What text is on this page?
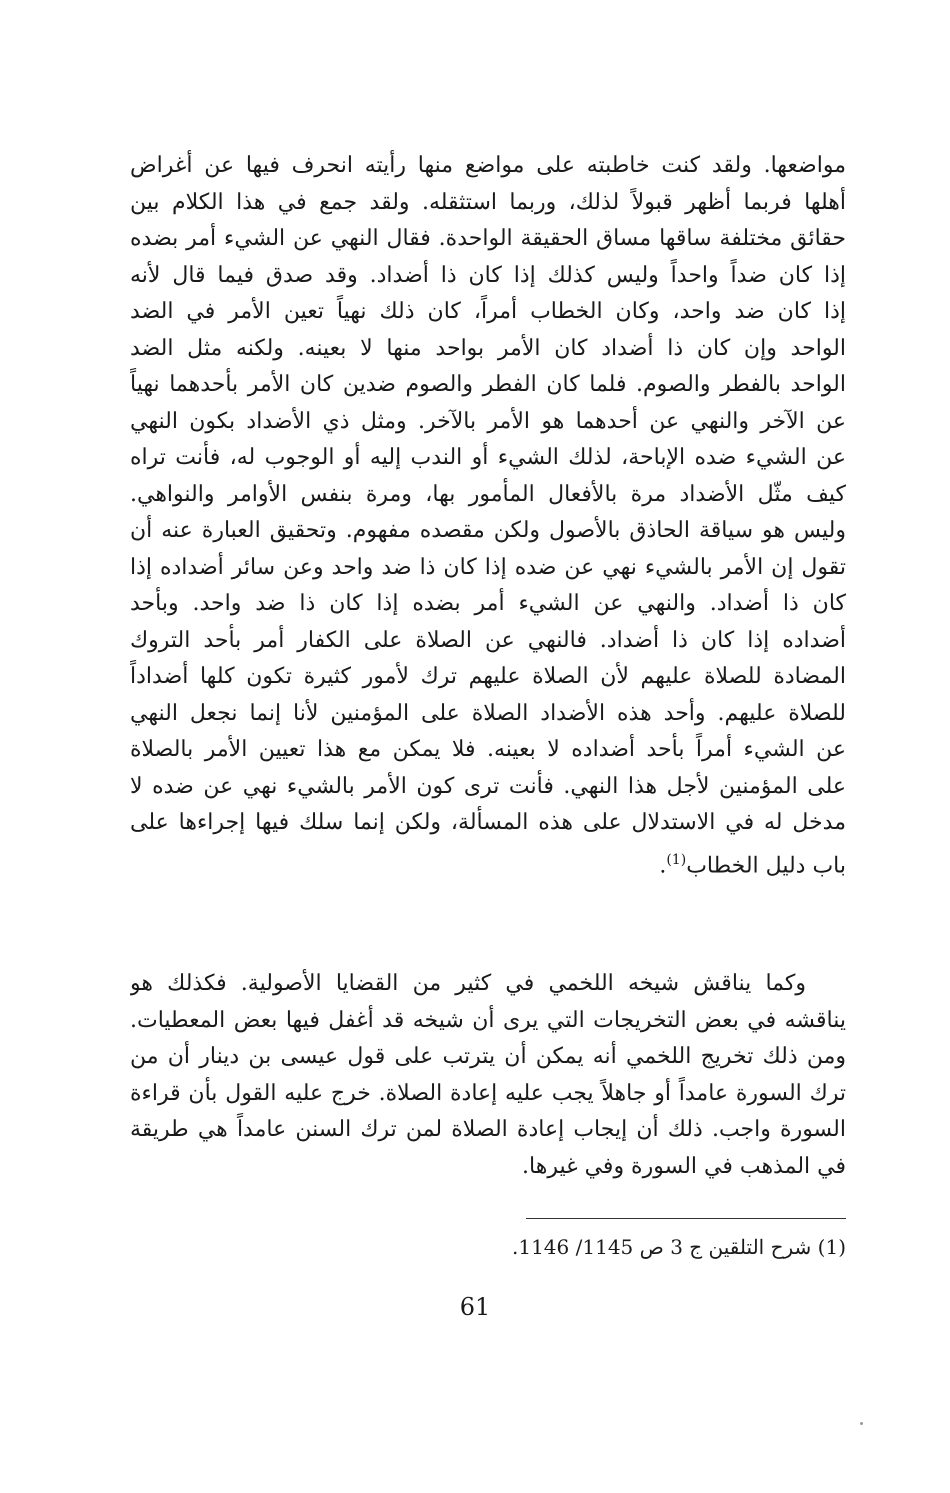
مواضعها. ولقد كنت خاطبته على مواضع منها رأيته انحرف فيها عن أغراض
أهلها فربما أظهر قبولاً لذلك، وربما استثقله. ولقد جمع في هذا الكلام بين
حقائق مختلفة ساقها مساق الحقيقة الواحدة. فقال النهي عن الشيء أمر بضده
إذا كان ضداً واحداً وليس كذلك إذا كان ذا أضداد. وقد صدق فيما قال لأنه
إذا كان ضد واحد، وكان الخطاب أمراً، كان ذلك نهياً تعين الأمر في الضد
الواحد وإن كان ذا أضداد كان الأمر بواحد منها لا بعينه. ولكنه مثل الضد
الواحد بالفطر والصوم. فلما كان الفطر والصوم ضدين كان الأمر بأحدهما نهياً
عن الآخر والنهي عن أحدهما هو الأمر بالآخر. ومثل ذي الأضداد بكون النهي
عن الشيء ضده الإباحة، لذلك الشيء أو الندب إليه أو الوجوب له، فأنت تراه
كيف مثّل الأضداد مرة بالأفعال المأمور بها، ومرة بنفس الأوامر والنواهي.
وليس هو سياقة الحاذق بالأصول ولكن مقصده مفهوم. وتحقيق العبارة عنه أن
تقول إن الأمر بالشيء نهي عن ضده إذا كان ذا ضد واحد وعن سائر أضداده إذا
كان ذا أضداد. والنهي عن الشيء أمر بضده إذا كان ذا ضد واحد. وبأحد
أضداده إذا كان ذا أضداد. فالنهي عن الصلاة على الكفار أمر بأحد التروك
المضادة للصلاة عليهم لأن الصلاة عليهم ترك لأمور كثيرة تكون كلها أضداداً
للصلاة عليهم. وأحد هذه الأضداد الصلاة على المؤمنين لأنا إنما نجعل النهي
عن الشيء أمراً بأحد أضداده لا بعينه. فلا يمكن مع هذا تعيين الأمر بالصلاة
على المؤمنين لأجل هذا النهي. فأنت ترى كون الأمر بالشيء نهي عن ضده لا
مدخل له في الاستدلال على هذه المسألة، ولكن إنما سلك فيها إجراءها على
باب دليل الخطاب$^{(1)}$.
وكما يناقش شيخه اللخمي في كثير من القضايا الأصولية. فكذلك هو
يناقشه في بعض التخريجات التي يرى أن شيخه قد أغفل فيها بعض المعطيات.
ومن ذلك تخريج اللخمي أنه يمكن أن يترتب على قول عيسى بن دينار أن من
ترك السورة عامداً أو جاهلاً يجب عليه إعادة الصلاة. خرج عليه القول بأن قراءة
السورة واجب. ذلك أن إيجاب إعادة الصلاة لمن ترك السنن عامداً هي طريقة
في المذهب في السورة وفي غيرها.
(1) شرح التلقين ج 3 ص 1145/ 1146.
61
